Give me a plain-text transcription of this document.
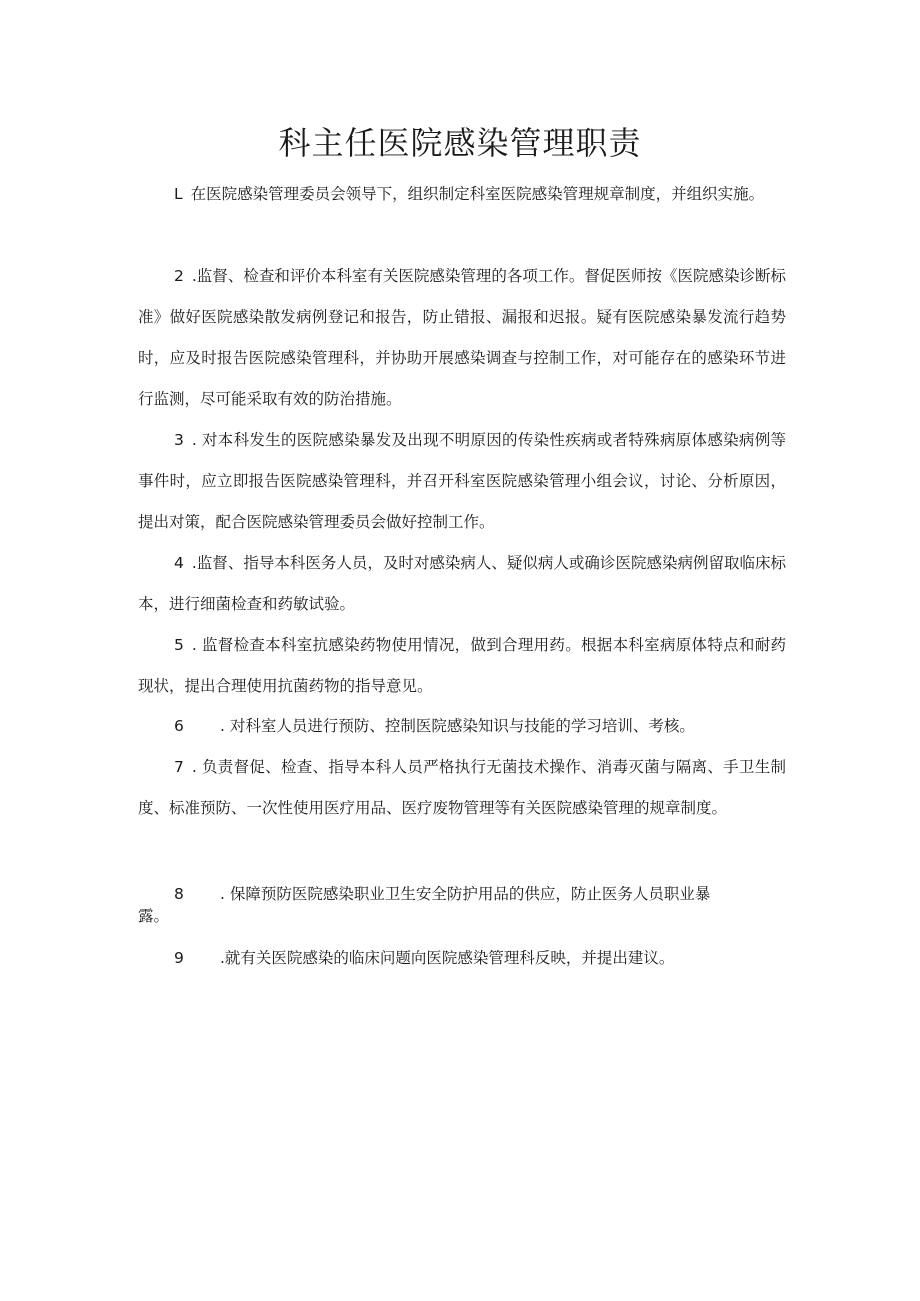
科主任医院感染管理职责

L 在医院感染管理委员会领导下，组织制定科室医院感染管理规章制度，并组织实施。

2 .监督、检查和评价本科室有关医院感染管理的各项工作。督促医师按《医院感染诊断标准》做好医院感染散发病例登记和报告，防止错报、漏报和迟报。疑有医院感染暴发流行趋势时，应及时报告医院感染管理科，并协助开展感染调查与控制工作，对可能存在的感染环节进行监测，尽可能采取有效的防治措施。

3 . 对本科发生的医院感染暴发及出现不明原因的传染性疾病或者特殊病原体感染病例等事件时，应立即报告医院感染管理科，并召开科室医院感染管理小组会议，讨论、分析原因，提出对策，配合医院感染管理委员会做好控制工作。

4 .监督、指导本科医务人员，及时对感染病人、疑似病人或确诊医院感染病例留取临床标本，进行细菌检查和药敏试验。

5 . 监督检查本科室抗感染药物使用情况，做到合理用药。根据本科室病原体特点和耐药现状，提出合理使用抗菌药物的指导意见。

6 . 对科室人员进行预防、控制医院感染知识与技能的学习培训、考核。

7 . 负责督促、检查、指导本科人员严格执行无菌技术操作、消毒灭菌与隔离、手卫生制度、标准预防、一次性使用医疗用品、医疗废物管理等有关医院感染管理的规章制度。

8 . 保障预防医院感染职业卫生安全防护用品的供应，防止医务人员职业暴
露。

9 .就有关医院感染的临床问题向医院感染管理科反映，并提出建议。
